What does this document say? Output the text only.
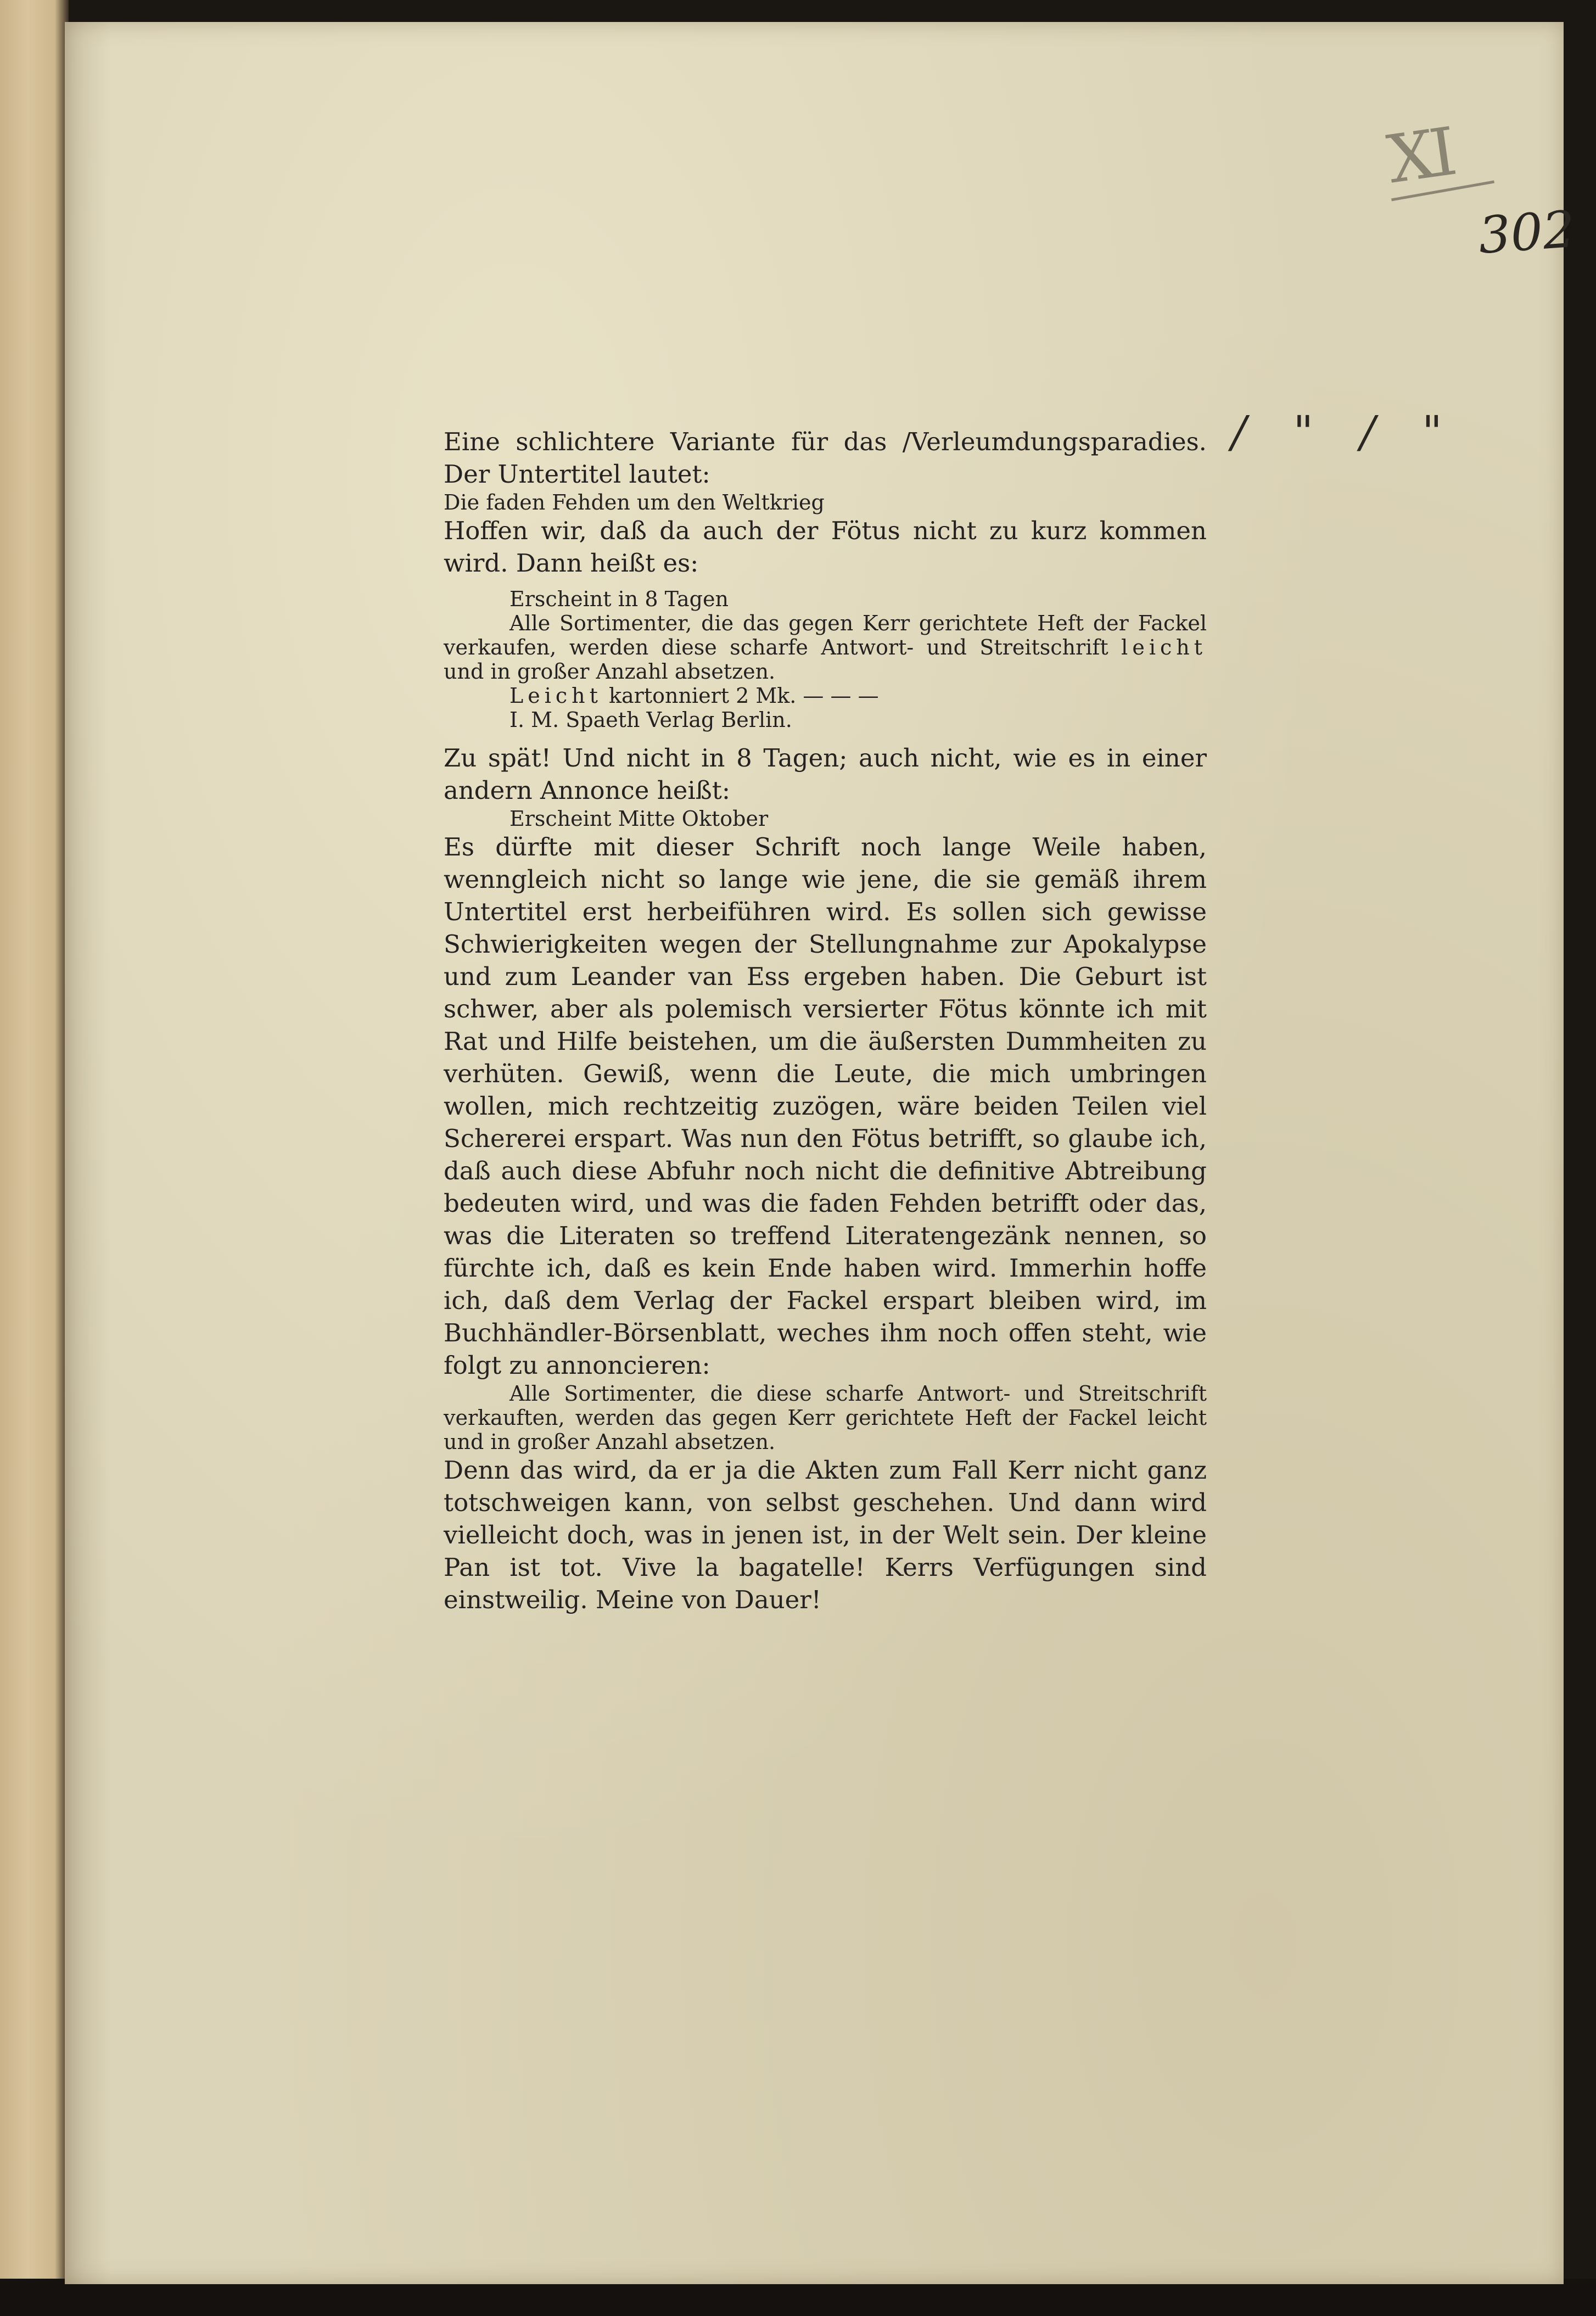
XI
302
/ " / "

Eine schlichtere Variante für das /Verleumdungsparadies. Der Untertitel lautet:

Die faden Fehden um den Weltkrieg

Hoffen wir, daß da auch der Fötus nicht zu kurz kommen wird. Dann heißt es:

Erscheint in 8 Tagen

Alle Sortimenter, die das gegen Kerr gerichtete Heft der Fackel verkaufen, werden diese scharfe Antwort- und Streitschrift leicht und in großer Anzahl absetzen.

Leicht kartonniert 2 Mk. — — —

I. M. Spaeth Verlag Berlin.

Zu spät! Und nicht in 8 Tagen; auch nicht, wie es in einer andern Annonce heißt:

Erscheint Mitte Oktober

Es dürfte mit dieser Schrift noch lange Weile haben, wenngleich nicht so lange wie jene, die sie gemäß ihrem Untertitel erst herbeiführen wird. Es sollen sich gewisse Schwierigkeiten wegen der Stellungnahme zur Apokalypse und zum Leander van Ess ergeben haben. Die Geburt ist schwer, aber als polemisch versierter Fötus könnte ich mit Rat und Hilfe beistehen, um die äußersten Dummheiten zu verhüten. Gewiß, wenn die Leute, die mich umbringen wollen, mich rechtzeitig zuzögen, wäre beiden Teilen viel Schererei erspart. Was nun den Fötus betrifft, so glaube ich, daß auch diese Abfuhr noch nicht die definitive Abtreibung bedeuten wird, und was die faden Fehden betrifft oder das, was die Literaten so treffend Literatengezänk nennen, so fürchte ich, daß es kein Ende haben wird. Immerhin hoffe ich, daß dem Verlag der Fackel erspart bleiben wird, im Buchhändler-Börsenblatt, weches ihm noch offen steht, wie folgt zu annoncieren:

Alle Sortimenter, die diese scharfe Antwort- und Streitschrift verkauften, werden das gegen Kerr gerichtete Heft der Fackel leicht und in großer Anzahl absetzen.

Denn das wird, da er ja die Akten zum Fall Kerr nicht ganz totschweigen kann, von selbst geschehen. Und dann wird vielleicht doch, was in jenen ist, in der Welt sein. Der kleine Pan ist tot. Vive la bagatelle! Kerrs Verfügungen sind einstweilig. Meine von Dauer!
